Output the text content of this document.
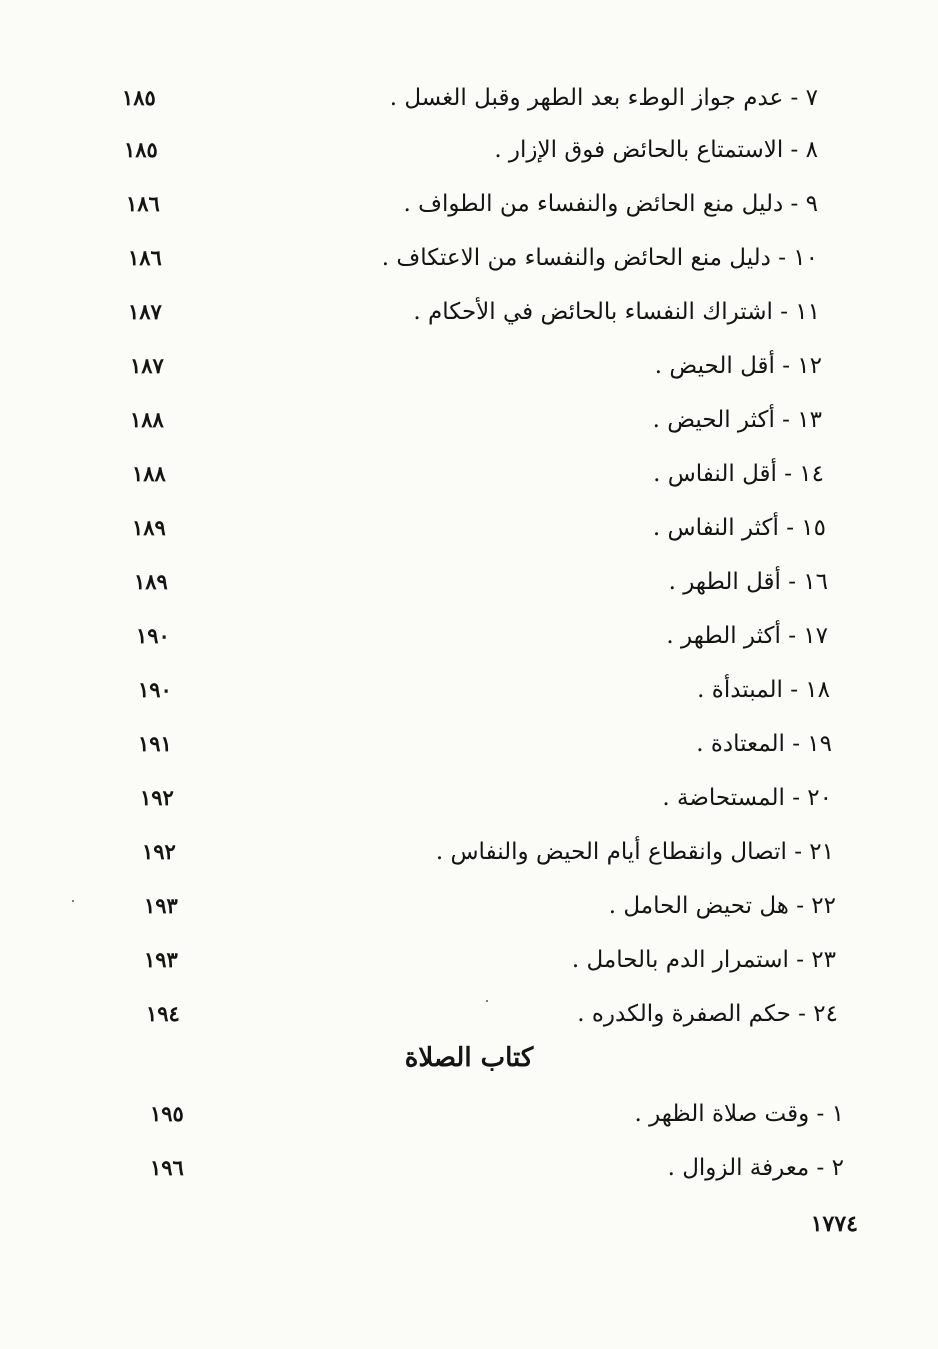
٧ - عدم جواز الوطء بعد الطهر وقبل الغسل .
١٨٥
٨ - الاستمتاع بالحائض فوق الإزار .
١٨٥
٩ - دليل منع الحائض والنفساء من الطواف .
١٨٦
١٠ - دليل منع الحائض والنفساء من الاعتكاف .
١٨٦
١١ - اشتراك النفساء بالحائض في الأحكام .
١٨٧
١٢ - أقل الحيض .
١٨٧
١٣ - أكثر الحيض .
١٨٨
١٤ - أقل النفاس .
١٨٨
١٥ - أكثر النفاس .
١٨٩
١٦ - أقل الطهر .
١٨٩
١٧ - أكثر الطهر .
١٩٠
١٨ - المبتدأة .
١٩٠
١٩ - المعتادة .
١٩١
٢٠ - المستحاضة .
١٩٢
٢١ - اتصال وانقطاع أيام الحيض والنفاس .
١٩٢
٢٢ - هل تحيض الحامل .
١٩٣
٢٣ - استمرار الدم بالحامل .
١٩٣
٢٤ - حكم الصفرة والكدره .
١٩٤
كتاب الصلاة
١ - وقت صلاة الظهر .
١٩٥
٢ - معرفة الزوال .
١٩٦
١٧٧٤
